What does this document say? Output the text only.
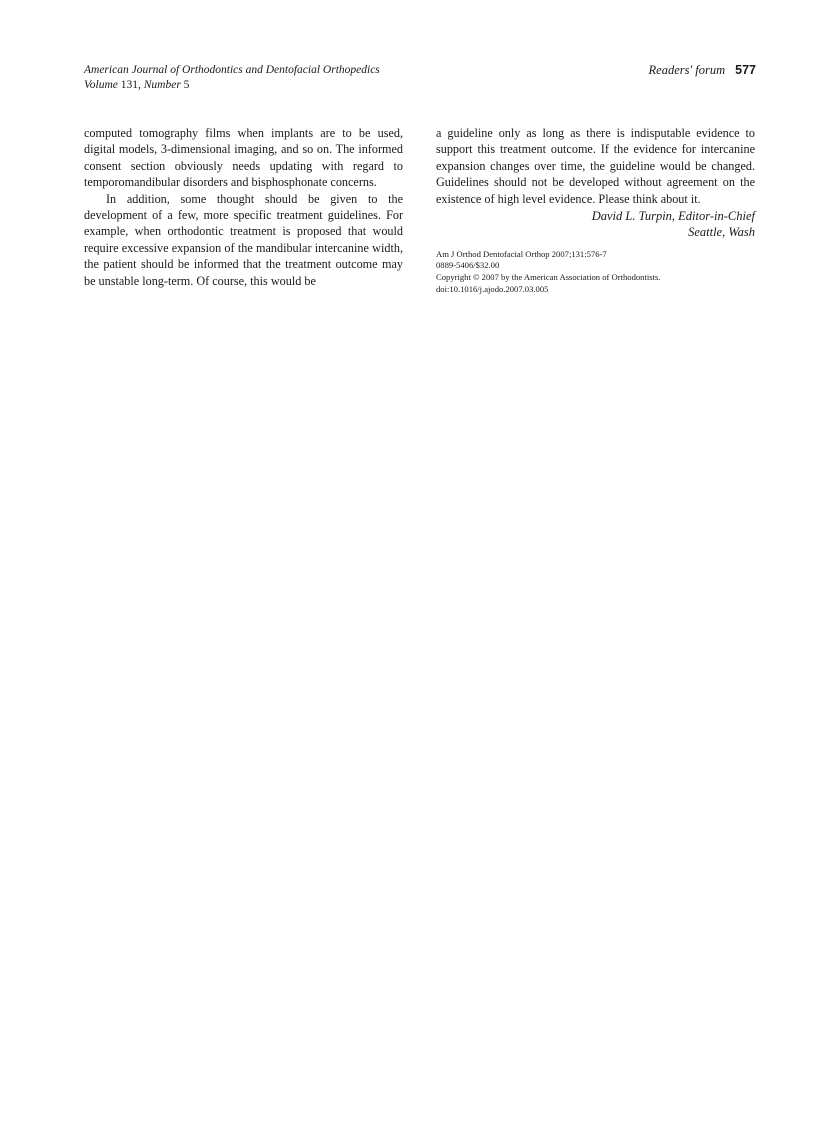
American Journal of Orthodontics and Dentofacial Orthopedics
Volume 131, Number 5
Readers' forum 577

computed tomography films when implants are to be used, digital models, 3-dimensional imaging, and so on. The informed consent section obviously needs updating with regard to temporomandibular disorders and bisphosphonate concerns.

In addition, some thought should be given to the development of a few, more specific treatment guidelines. For example, when orthodontic treatment is proposed that would require excessive expansion of the mandibular intercanine width, the patient should be informed that the treatment outcome may be unstable long-term. Of course, this would be

a guideline only as long as there is indisputable evidence to support this treatment outcome. If the evidence for intercanine expansion changes over time, the guideline would be changed. Guidelines should not be developed without agreement on the existence of high level evidence. Please think about it.

David L. Turpin, Editor-in-Chief
Seattle, Wash
Am J Orthod Dentofacial Orthop 2007;131:576-7
0889-5406/$32.00
Copyright © 2007 by the American Association of Orthodontists.
doi:10.1016/j.ajodo.2007.03.005
